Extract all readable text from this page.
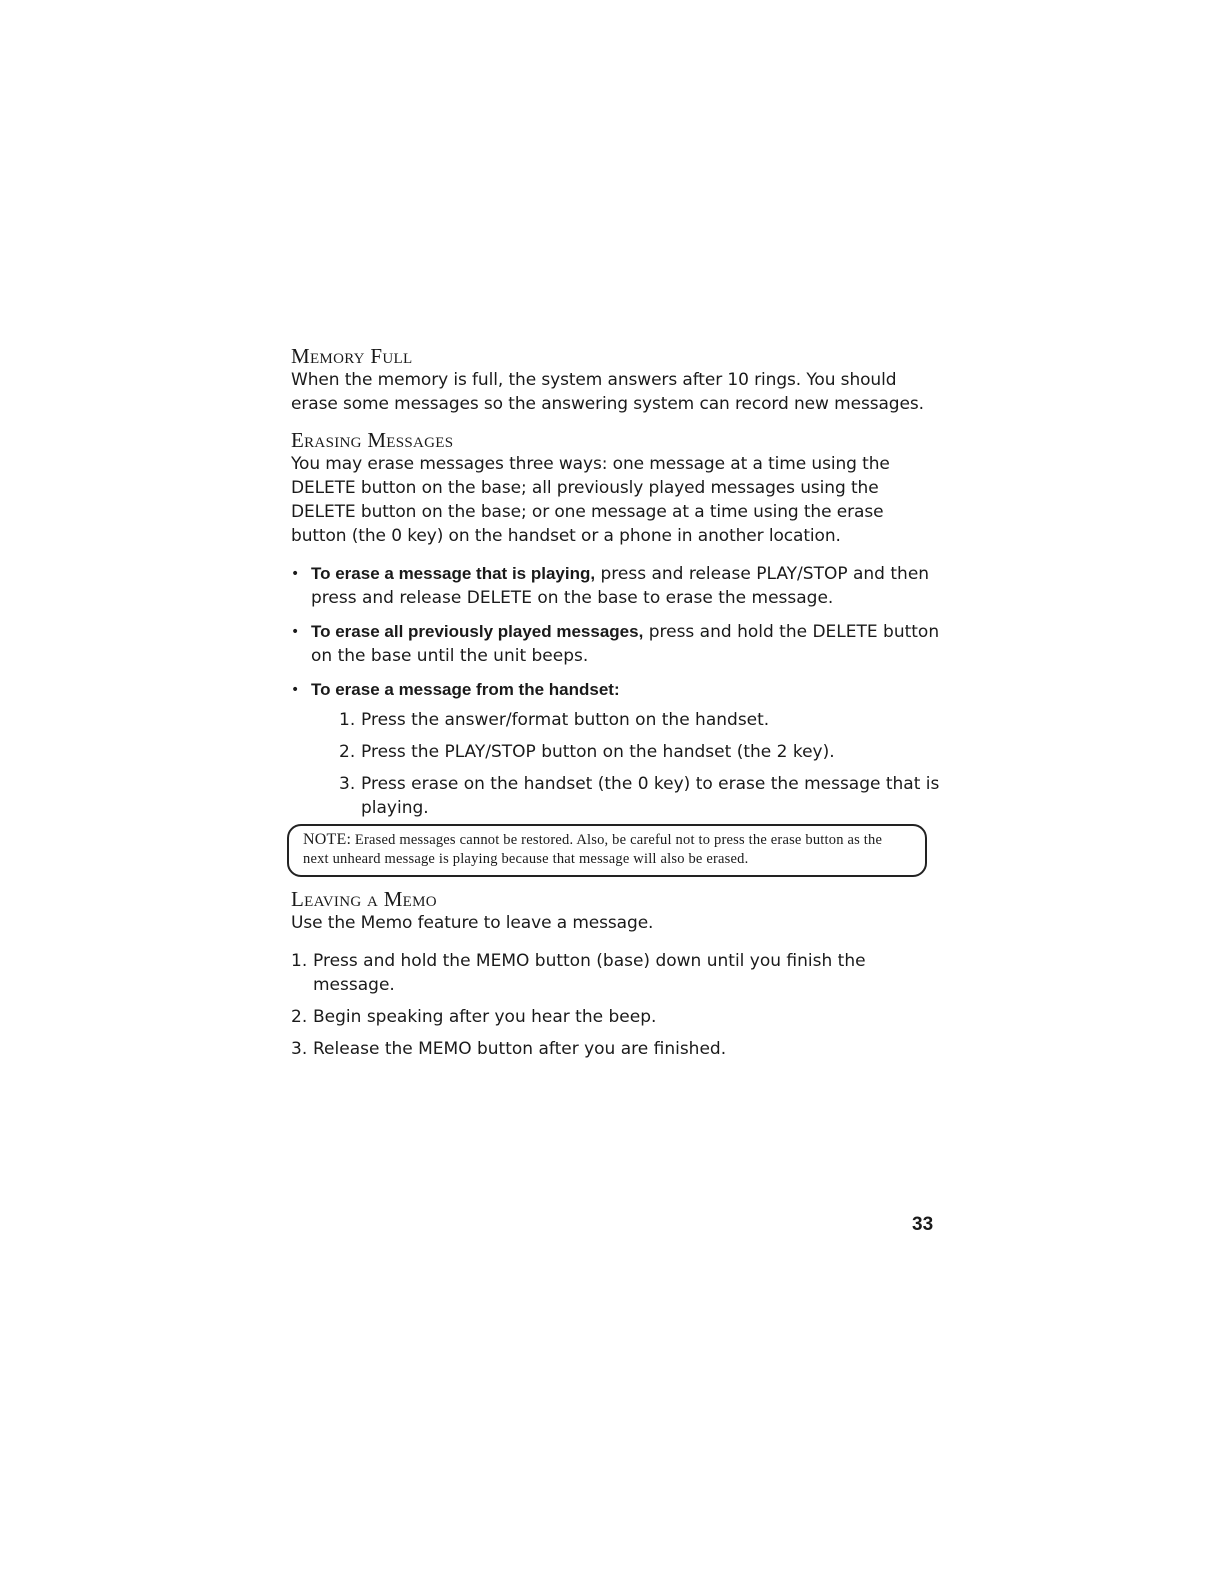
Memory Full

When the memory is full, the system answers after 10 rings. You should erase some messages so the answering system can record new messages.

Erasing Messages

You may erase messages three ways: one message at a time using the DELETE button on the base; all previously played messages using the DELETE button on the base; or one message at a time using the erase button (the 0 key) on the handset or a phone in another location.

• To erase a message that is playing, press and release PLAY/STOP and then press and release DELETE on the base to erase the message.
• To erase all previously played messages, press and hold the DELETE button on the base until the unit beeps.
• To erase a message from the handset:
1. Press the answer/format button on the handset.
2. Press the PLAY/STOP button on the handset (the 2 key).
3. Press erase on the handset (the 0 key) to erase the message that is playing.
NOTE: Erased messages cannot be restored. Also, be careful not to press the erase button as the next unheard message is playing because that message will also be erased.
Leaving a Memo

Use the Memo feature to leave a message.

1. Press and hold the MEMO button (base) down until you finish the message.
2. Begin speaking after you hear the beep.
3. Release the MEMO button after you are finished.
33
